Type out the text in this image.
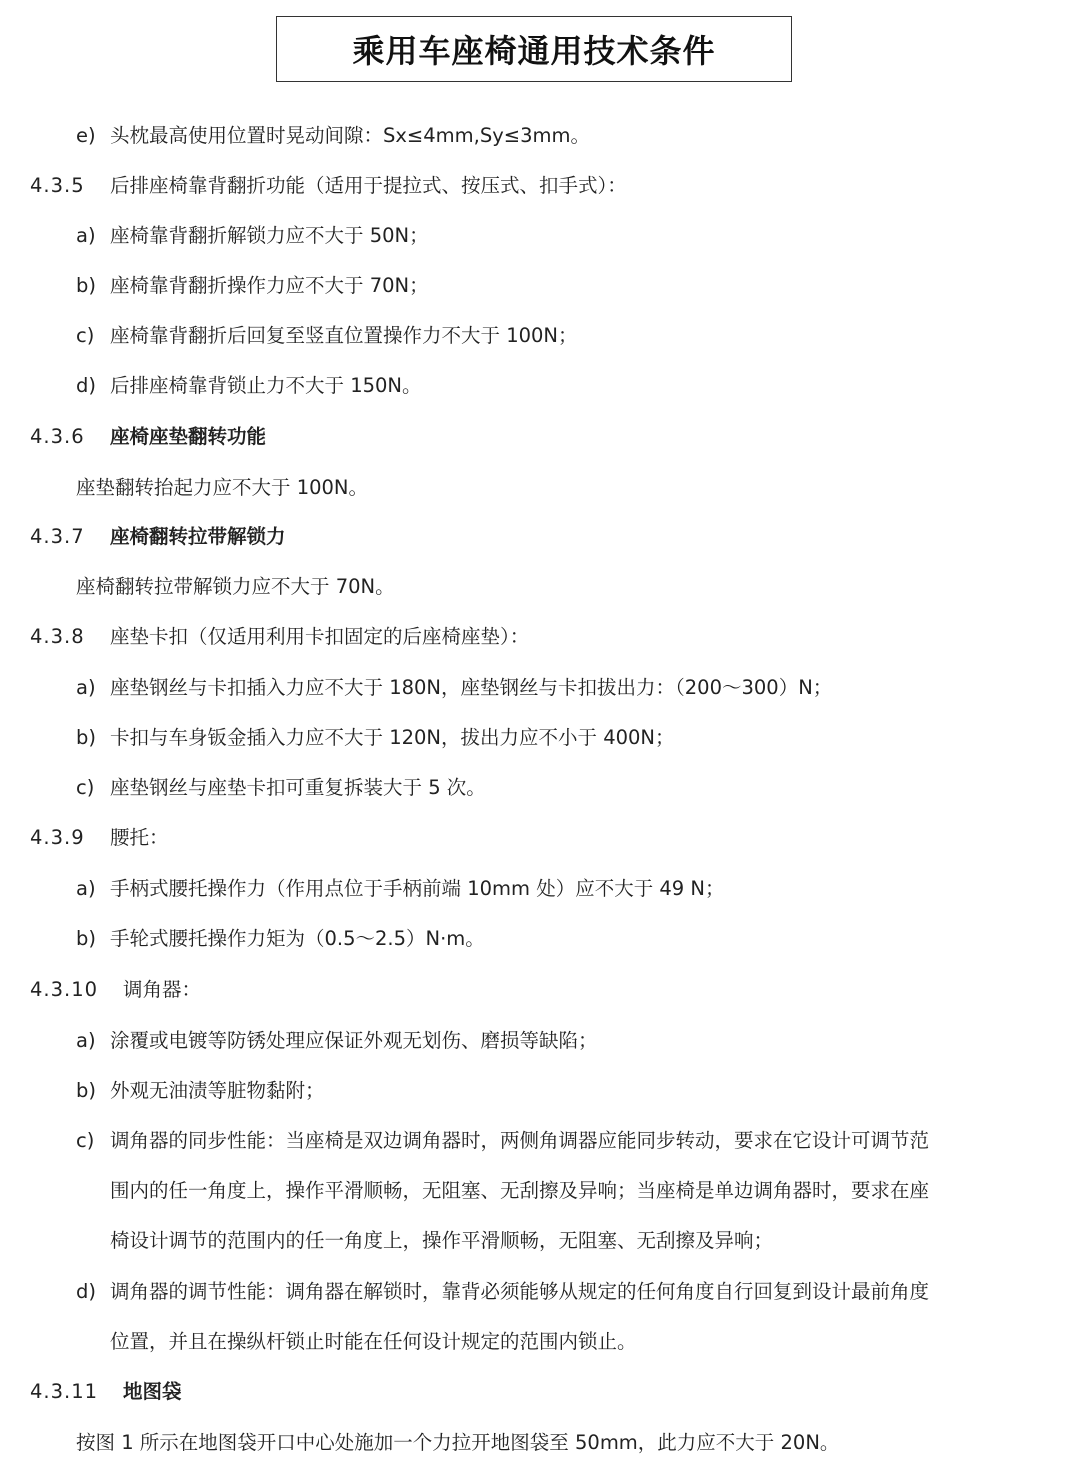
乘用车座椅通用技术条件
e) 头枕最高使用位置时晃动间隙：Sx≤4mm,Sy≤3mm。
4.3.5 后排座椅靠背翻折功能（适用于提拉式、按压式、扣手式）：
a) 座椅靠背翻折解锁力应不大于 50N；
b) 座椅靠背翻折操作力应不大于 70N；
c) 座椅靠背翻折后回复至竖直位置操作力不大于 100N；
d) 后排座椅靠背锁止力不大于 150N。
4.3.6 座椅座垫翻转功能
座垫翻转抬起力应不大于 100N。
4.3.7 座椅翻转拉带解锁力
座椅翻转拉带解锁力应不大于 70N。
4.3.8 座垫卡扣（仅适用利用卡扣固定的后座椅座垫）：
a) 座垫钢丝与卡扣插入力应不大于 180N，座垫钢丝与卡扣拔出力：（200～300）N；
b) 卡扣与车身钣金插入力应不大于 120N，拔出力应不小于 400N；
c) 座垫钢丝与座垫卡扣可重复拆装大于 5 次。
4.3.9 腰托：
a) 手柄式腰托操作力（作用点位于手柄前端 10mm 处）应不大于 49 N；
b) 手轮式腰托操作力矩为（0.5～2.5）N·m。
4.3.10 调角器：
a) 涂覆或电镀等防锈处理应保证外观无划伤、磨损等缺陷；
b) 外观无油渍等脏物黏附；
c) 调角器的同步性能：当座椅是双边调角器时，两侧角调器应能同步转动，要求在它设计可调节范
围内的任一角度上，操作平滑顺畅，无阻塞、无刮擦及异响；当座椅是单边调角器时，要求在座
椅设计调节的范围内的任一角度上，操作平滑顺畅，无阻塞、无刮擦及异响；
d) 调角器的调节性能：调角器在解锁时，靠背必须能够从规定的任何角度自行回复到设计最前角度
位置，并且在操纵杆锁止时能在任何设计规定的范围内锁止。
4.3.11 地图袋
按图 1 所示在地图袋开口中心处施加一个力拉开地图袋至 50mm，此力应不大于 20N。
